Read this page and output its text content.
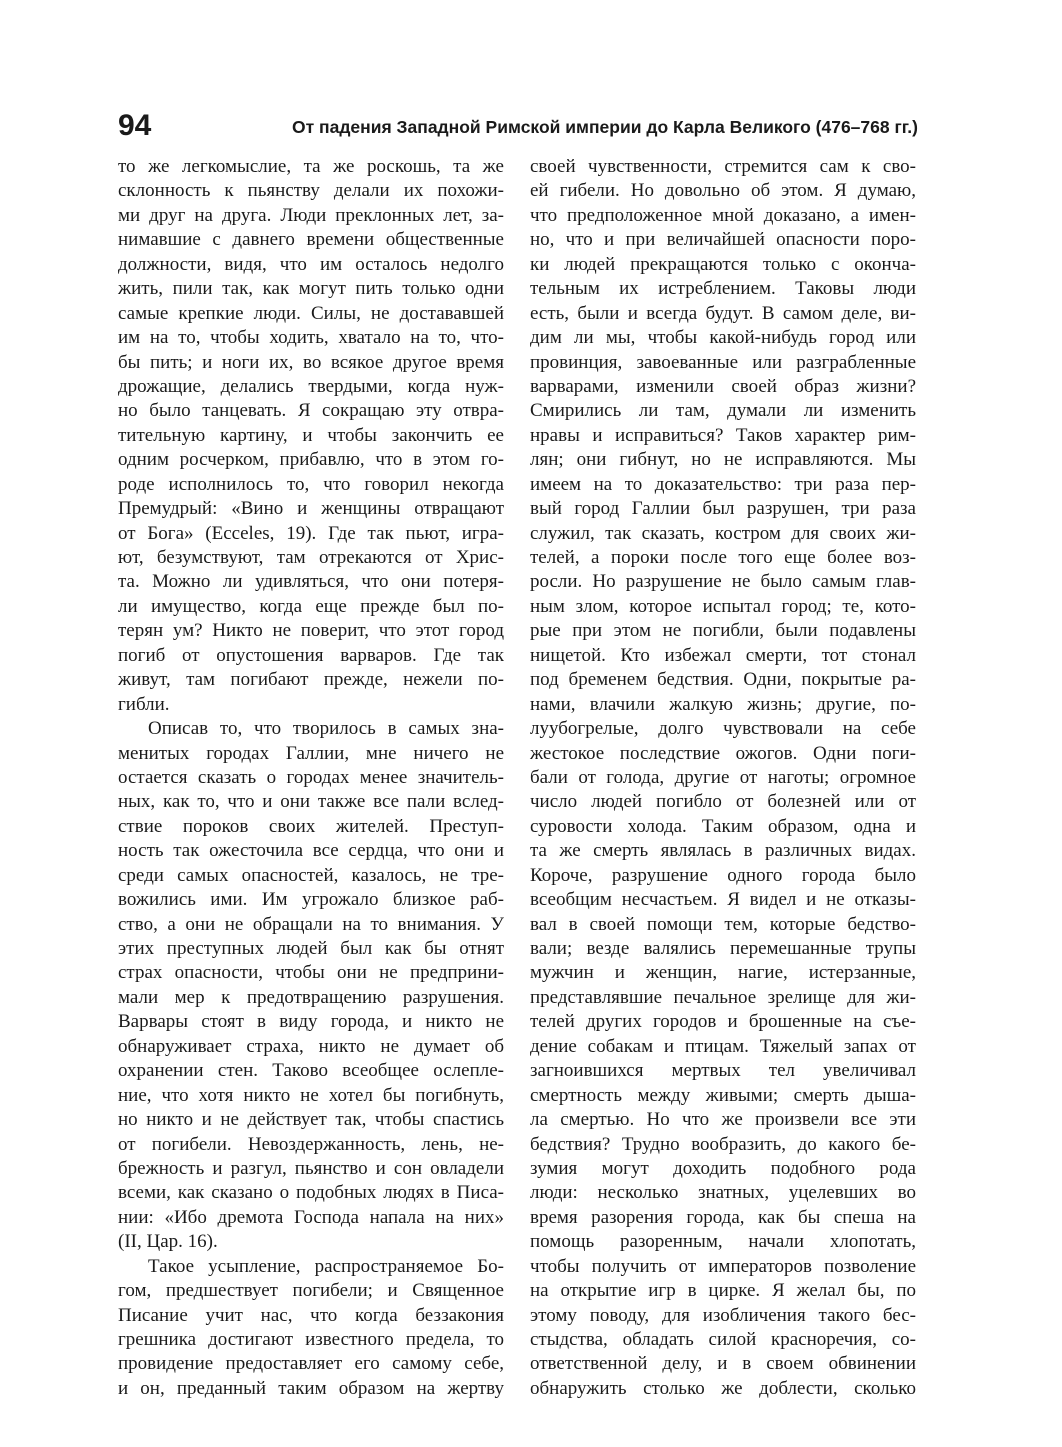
94	От падения Западной Римской империи до Карла Великого (476–768 гг.)
то же легкомыслие, та же роскошь, та же
склонность к пьянству делали их похожи-
ми друг на друга. Люди преклонных лет, за-
нимавшие с давнего времени общественные
должности, видя, что им осталось недолго
жить, пили так, как могут пить только одни
самые крепкие люди. Силы, не достававшей
им на то, чтобы ходить, хватало на то, что-
бы пить; и ноги их, во всякое другое время
дрожащие, делались твердыми, когда нуж-
но было танцевать. Я сокращаю эту отвра-
тительную картину, и чтобы закончить ее
одним росчерком, прибавлю, что в этом го-
роде исполнилось то, что говорил некогда
Премудрый: «Вино и женщины отвращают
от Бога» (Eccеles, 19). Где так пьют, игра-
ют, безумствуют, там отрекаются от Хрис-
та. Можно ли удивляться, что они потеря-
ли имущество, когда еще прежде был по-
терян ум? Никто не поверит, что этот город
погиб от опустошения варваров. Где так
живут, там погибают прежде, нежели по-
гибли.
Описав то, что творилось в самых зна-
менитых городах Галлии, мне ничего не
остается сказать о городах менее значитель-
ных, как то, что и они также все пали вслед-
ствие пороков своих жителей. Преступ-
ность так ожесточила все сердца, что они и
среди самых опасностей, казалось, не тре-
вожились ими. Им угрожало близкое раб-
ство, а они не обращали на то внимания. У
этих преступных людей был как бы отнят
страх опасности, чтобы они не предприни-
мали мер к предотвращению разрушения.
Варвары стоят в виду города, и никто не
обнаруживает страха, никто не думает об
охранении стен. Таково всеобщее ослепле-
ние, что хотя никто не хотел бы погибнуть,
но никто и не действует так, чтобы спастись
от погибели. Невоздержанность, лень, не-
брежность и разгул, пьянство и сон овладели
всеми, как сказано о подобных людях в Писа-
нии: «Ибо дремота Господа напала на них»
(II, Цар. 16).
Такое усыпление, распространяемое Бо-
гом, предшествует погибели; и Священное
Писание учит нас, что когда беззакония
грешника достигают известного предела, то
провидение предоставляет его самому себе,
и он, преданный таким образом на жертву
своей чувственности, стремится сам к сво-
ей гибели. Но довольно об этом. Я думаю,
что предположенное мной доказано, а имен-
но, что и при величайшей опасности поро-
ки людей прекращаются только с оконча-
тельным их истреблением. Таковы люди
есть, были и всегда будут. В самом деле, ви-
дим ли мы, чтобы какой-нибудь город или
провинция, завоеванные или разграбленные
варварами, изменили своей образ жизни?
Смирились ли там, думали ли изменить
нравы и исправиться? Таков характер рим-
лян; они гибнут, но не исправляются. Мы
имеем на то доказательство: три раза пер-
вый город Галлии был разрушен, три раза
служил, так сказать, костром для своих жи-
телей, а пороки после того еще более воз-
росли. Но разрушение не было самым глав-
ным злом, которое испытал город; те, кото-
рые при этом не погибли, были подавлены
нищетой. Кто избежал смерти, тот стонал
под бременем бедствия. Одни, покрытые ра-
нами, влачили жалкую жизнь; другие, по-
лyубогрелые, долго чувствовали на себе
жестокое последствие ожогов. Одни поги-
бали от голода, другие от наготы; огромное
число людей погибло от болезней или от
суровости холода. Таким образом, одна и
та же смерть являлась в различных видах.
Короче, разрушение одного города было
всеобщим несчастьем. Я видел и не отказы-
вал в своей помощи тем, которые бедство-
вали; везде валялись перемешанные трупы
мужчин и женщин, нагие, истерзанные,
представлявшие печальное зрелище для жи-
телей других городов и брошенные на съе-
дение собакам и птицам. Тяжелый запах от
загноившихся мертвых тел увеличивал
смертность между живыми; смерть дыша-
ла смертью. Но что же произвели все эти
бедствия? Трудно вообразить, до какого бе-
зумия могут доходить подобного рода
люди: несколько знатных, уцелевших во
время разорения города, как бы спеша на
помощь разоренным, начали хлопотать,
чтобы получить от императоров позволение
на открытие игр в цирке. Я желал бы, по
этому поводу, для изобличения такого бес-
стыдства, обладать силой красноречия, со-
ответственной делу, и в своем обвинении
обнаружить столько же доблести, сколько
